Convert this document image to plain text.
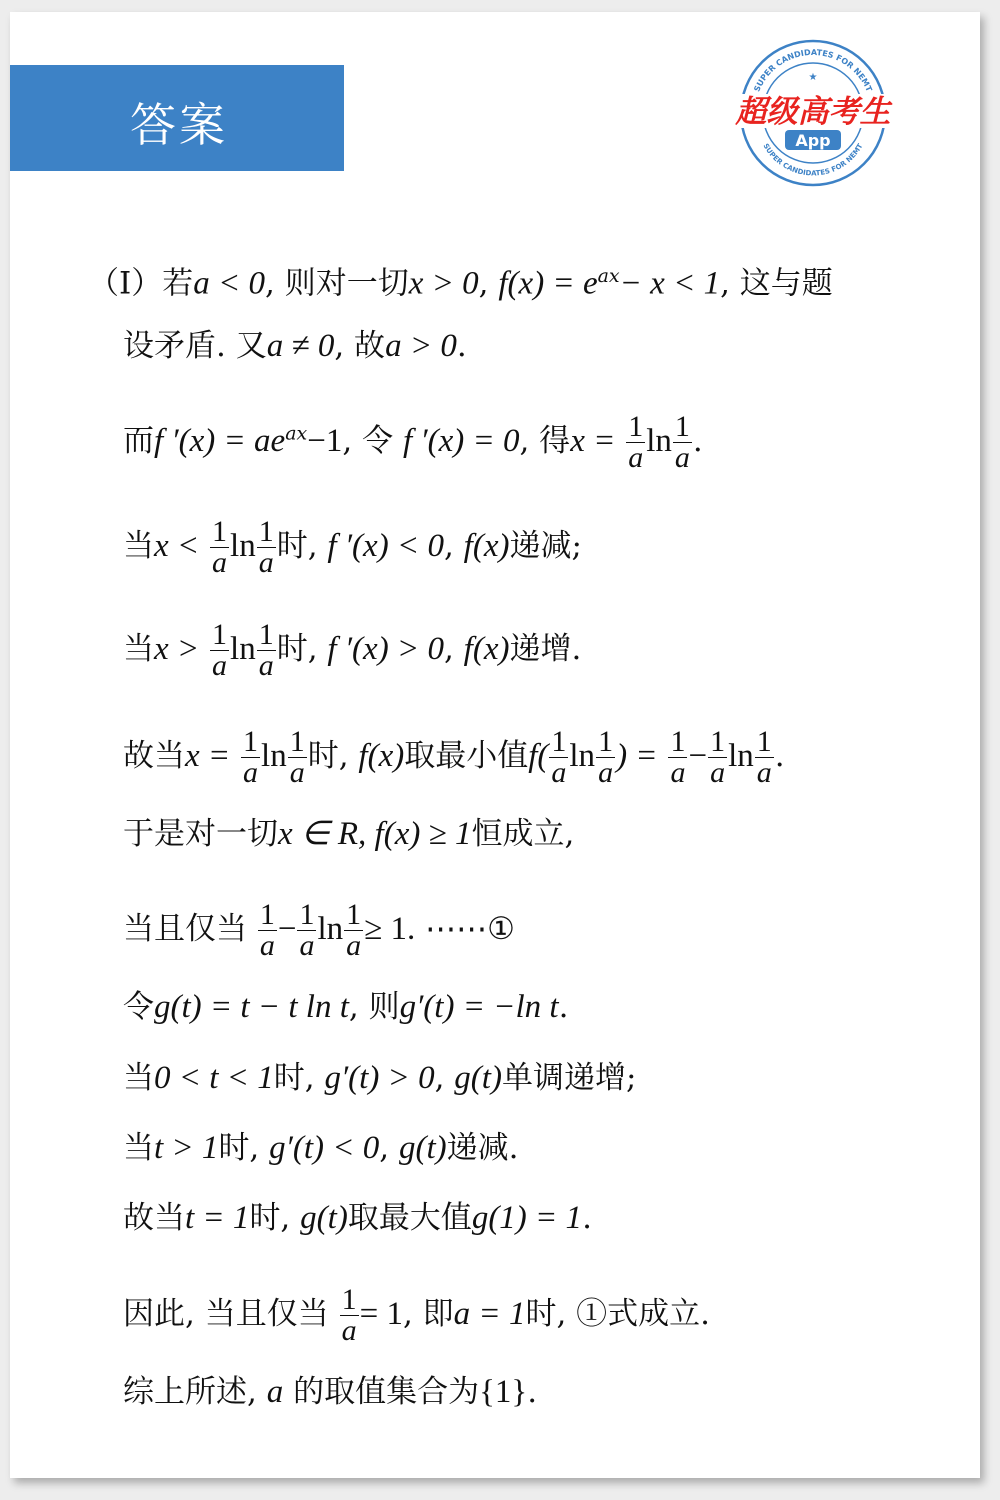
答案
SUPER CANDIDATES FOR NEMT
SUPER CANDIDATES FOR NEMT
★
超级高考生
App
（Ⅰ）若a < 0, 则对一切x > 0, $f(x) = e^{ax}- x < 1$, 这与题
设矛盾. 又a ≠ 0, 故a > 0.
而f $'(x) = ae^{ax}-1$, 令 f ′(x) = 0, 得$x = \frac{1}{a}$ $\ln \frac{1}{a}$ .
当$x < \frac{1}{a}$ $\ln \frac{1}{a}$ 时, f ′(x) < 0, f(x)递减;
当$x > \frac{1}{a}$ $\ln \frac{1}{a}$ 时, f ′(x) > 0, f(x)递增.
故当$x = \frac{1}{a}$ $\ln \frac{1}{a}$ 时, f(x)取最小值$f( \frac{1}{a}$ $\ln \frac{1}{a}$ ) = $\frac{1}{a} - \frac{1}{a}$ $\ln \frac{1}{a}$ .
于是对一切x ∈ R, f(x) ≥ 1恒成立,
当且仅当 $\frac{1}{a} - \frac{1}{a}$ $\ln \frac{1}{a} \ge 1$. ⋯⋯①
令g(t) = t − t ln t, 则g′(t) = −ln t.
当0 < t < 1时, g′(t) > 0, g(t)单调递增;
当t > 1时, g′(t) < 0, g(t)递减.
故当t = 1时, g(t)取最大值g(1) = 1.
因此, 当且仅当 $\frac{1}{a} = 1$, 即a = 1时, ①式成立.
综上所述, a 的取值集合为{1}.
